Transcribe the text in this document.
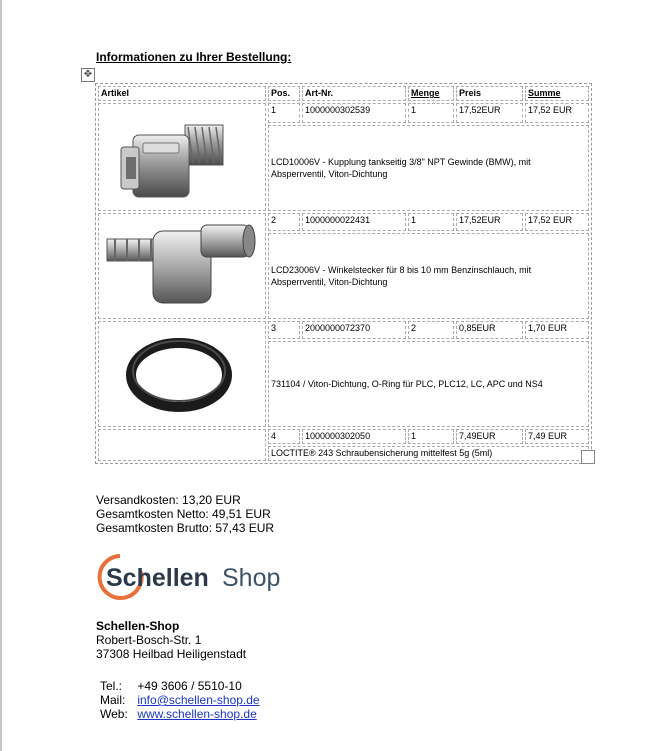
Informationen zu Ihrer Bestellung:
✥
Artikel	Pos.	Art-Nr.	Menge	Preis	Summe
	1	1000000302539	1	17,52EUR	17,52 EUR
	LCD10006V - Kupplung tankseitig 3/8" NPT Gewinde (BMW), mit Absperrventil, Viton-Dichtung				
	2	1000000022431	1	17,52EUR	17,52 EUR
	LCD23006V - Winkelstecker für 8 bis 10 mm Benzinschlauch, mit Absperrventil, Viton-Dichtung				
	3	2000000072370	2	0,85EUR	1,70 EUR
	731104 / Viton-Dichtung, O-Ring für PLC, PLC12, LC, APC und NS4				
	4	1000000302050	1	7,49EUR	7,49 EUR
	LOCTITE® 243 Schraubensicherung mittelfest 5g (5ml)				
Versandkosten: 13,20 EUR
Gesamtkosten Netto: 49,51 EUR
Gesamtkosten Brutto: 57,43 EUR
Schellen Shop
Schellen-Shop
Robert-Bosch-Str. 1
37308 Heilbad Heiligenstadt
Tel.: +49 3606 / 5510-10
Mail: info@schellen-shop.de
Web: www.schellen-shop.de
